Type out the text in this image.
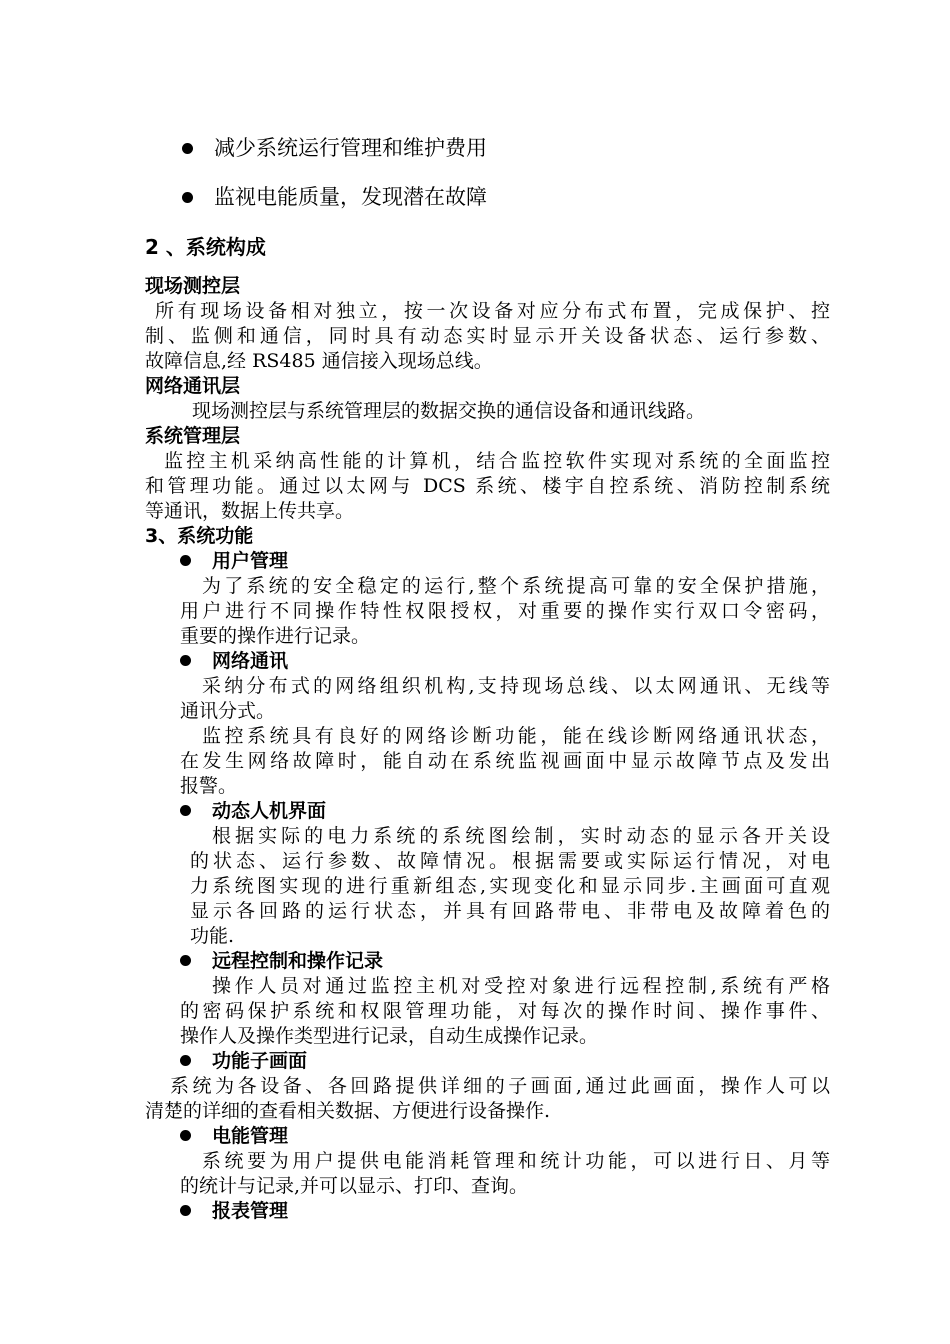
减少系统运行管理和维护费用
监视电能质量，发现潜在故障
2 、系统构成
现场测控层
所有现场设备相对独立，按一次设备对应分布式布置，完成保护、控
制、监侧和通信，同时具有动态实时显示开关设备状态、运行参数、
故障信息,经 RS485 通信接入现场总线。
网络通讯层
现场测控层与系统管理层的数据交换的通信设备和通讯线路。
系统管理层
监控主机采纳高性能的计算机，结合监控软件实现对系统的全面监控
和管理功能。通过以太网与 DCS 系统、楼宇自控系统、消防控制系统
等通讯，数据上传共享。
3、系统功能
用户管理
为了系统的安全稳定的运行,整个系统提高可靠的安全保护措施，
用户进行不同操作特性权限授权，对重要的操作实行双口令密码，
重要的操作进行记录。
网络通讯
采纳分布式的网络组织机构,支持现场总线、以太网通讯、无线等
通讯分式。
监控系统具有良好的网络诊断功能，能在线诊断网络通讯状态，
在发生网络故障时，能自动在系统监视画面中显示故障节点及发出
报警。
动态人机界面
根据实际的电力系统的系统图绘制，实时动态的显示各开关设
的状态、运行参数、故障情况。根据需要或实际运行情况，对电
力系统图实现的进行重新组态,实现变化和显示同步.主画面可直观
显示各回路的运行状态，并具有回路带电、非带电及故障着色的
功能.
远程控制和操作记录
操作人员对通过监控主机对受控对象进行远程控制,系统有严格
的密码保护系统和权限管理功能，对每次的操作时间、操作事件、
操作人及操作类型进行记录，自动生成操作记录。
功能子画面
系统为各设备、各回路提供详细的子画面,通过此画面，操作人可以
清楚的详细的查看相关数据、方便进行设备操作.
电能管理
系统要为用户提供电能消耗管理和统计功能，可以进行日、月等
的统计与记录,并可以显示、打印、查询。
报表管理
